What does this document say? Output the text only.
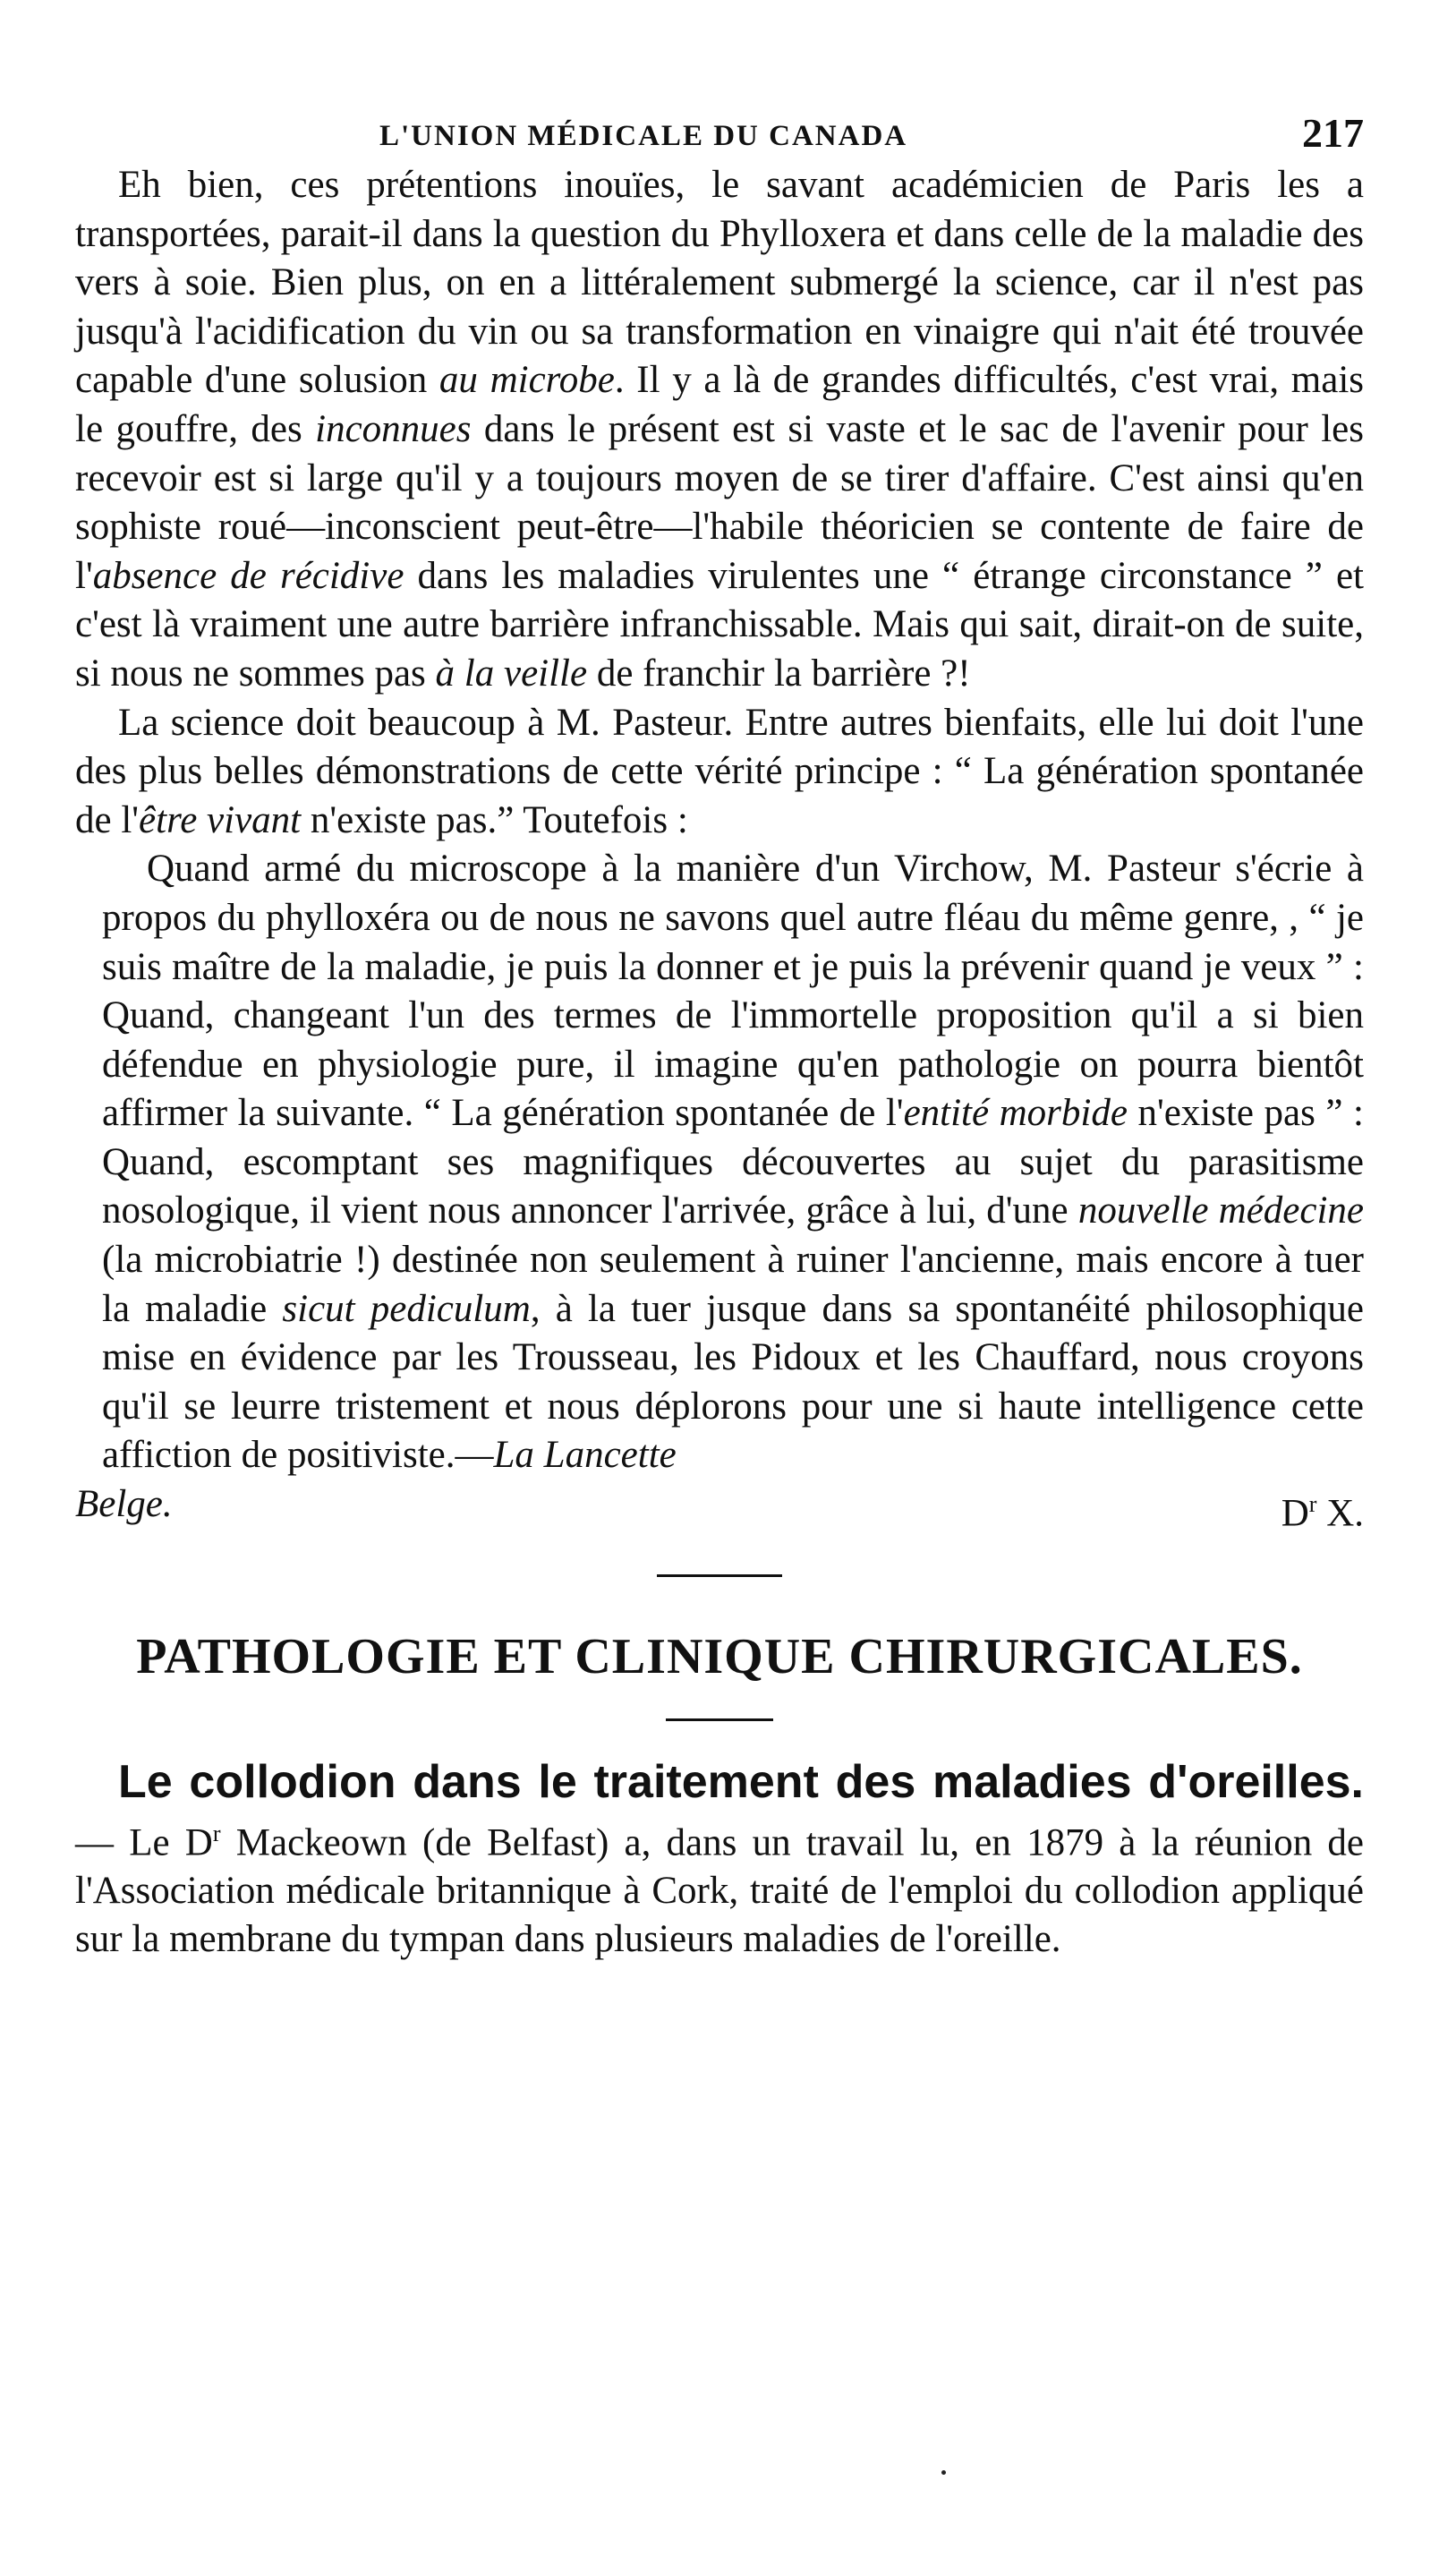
L'UNION MÉDICALE DU CANADA	217

Eh bien, ces prétentions inouïes, le savant académicien de Paris les a transportées, parait-il dans la question du Phylloxera et dans celle de la maladie des vers à soie. Bien plus, on en a littéralement submergé la science, car il n'est pas jusqu'à l'acidification du vin ou sa transformation en vinaigre qui n'ait été trouvée capable d'une solusion au microbe. Il y a là de grandes difficultés, c'est vrai, mais le gouffre, des inconnues dans le présent est si vaste et le sac de l'avenir pour les recevoir est si large qu'il y a toujours moyen de se tirer d'affaire. C'est ainsi qu'en sophiste roué—inconscient peut-être—l'habile théoricien se contente de faire de l'absence de récidive dans les maladies virulentes une “ étrange circonstance ” et c'est là vraiment une autre barrière infranchissable. Mais qui sait, dirait-on de suite, si nous ne sommes pas à la veille de franchir la barrière ?!

La science doit beaucoup à M. Pasteur. Entre autres bienfaits, elle lui doit l'une des plus belles démonstrations de cette vérité principe : “ La génération spontanée de l'être vivant n'existe pas.” Toutefois :

Quand armé du microscope à la manière d'un Virchow, M. Pasteur s'écrie à propos du phylloxéra ou de nous ne savons quel autre fléau du même genre, , “ je suis maître de la maladie, je puis la donner et je puis la prévenir quand je veux ” : Quand, changeant l'un des termes de l'immortelle proposition qu'il a si bien défendue en physiologie pure, il imagine qu'en pathologie on pourra bientôt affirmer la suivante. “ La génération spontanée de l'entité morbide n'existe pas ” : Quand, escomptant ses magnifiques découvertes au sujet du parasitisme nosologique, il vient nous annoncer l'arrivée, grâce à lui, d'une nouvelle médecine (la microbiatrie !) destinée non seulement à ruiner l'ancienne, mais encore à tuer la maladie sicut pediculum, à la tuer jusque dans sa spontanéité philosophique mise en évidence par les Trousseau, les Pidoux et les Chauffard, nous croyons qu'il se leurre tristement et nous déplorons pour une si haute intelligence cette affiction de positiviste.—La Lancette

Belge.	$D^r$ X.
PATHOLOGIE ET CLINIQUE CHIRURGICALES.
Le collodion dans le traitement des maladies d'oreilles. — Le $D^r$ Mackeown (de Belfast) a, dans un travail lu, en 1879 à la réunion de l'Association médicale britannique à Cork, traité de l'emploi du collodion appliqué sur la membrane du tympan dans plusieurs maladies de l'oreille.
